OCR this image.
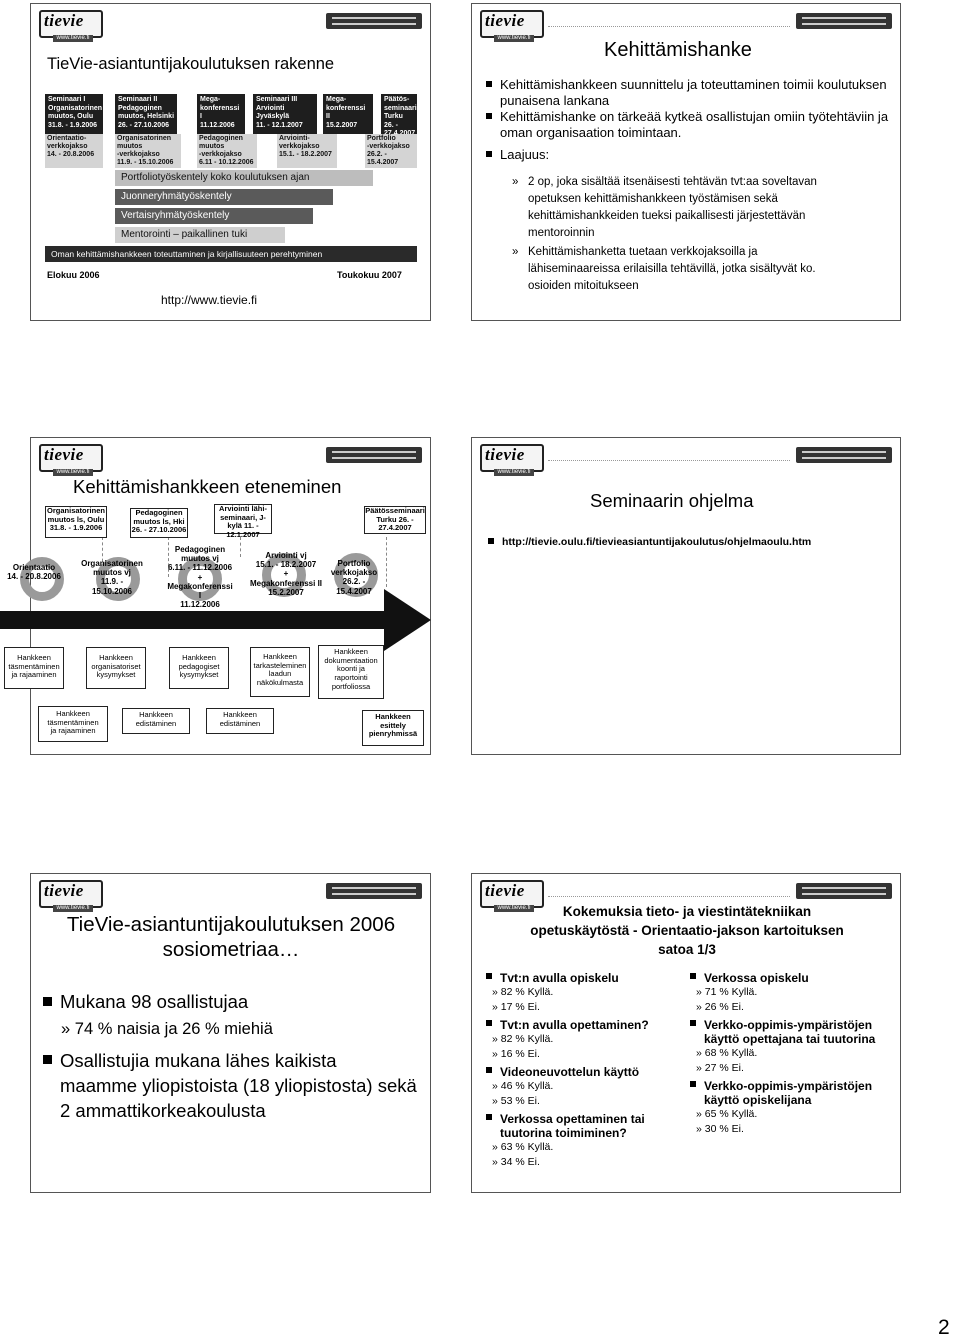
tievie
www.tievie.fi
TieVie-asiantuntijakoulutuksen rakenne
Seminaari I
Organisatorinen
muutos, Oulu
31.8. - 1.9.2006
Seminaari II
Pedagoginen
muutos, Helsinki
26. - 27.10.2006
Mega-
konferenssi I
11.12.2006
Seminaari III
Arviointi
Jyväskylä
11. - 12.1.2007
Mega-
konferenssi II
15.2.2007
Päätös-
seminaari
Turku
26. - 27.4.2007
Orientaatio-
verkkojakso
14. - 20.8.2006
Organisatorinen
muutos
-verkkojakso
11.9. - 15.10.2006
Pedagoginen
muutos
-verkkojakso
6.11 - 10.12.2006
Arviointi-
verkkojakso
15.1. - 18.2.2007
Portfolio
-verkkojakso
26.2. - 15.4.2007
Portfoliotyöskentely koko koulutuksen ajan
Juonneryhmätyöskentely
Vertaisryhmätyöskentely
Mentorointi – paikallinen tuki
Oman kehittämishankkeen toteuttaminen ja kirjallisuuteen perehtyminen
Elokuu 2006	Toukokuu 2007
http://www.tievie.fi
tievie
www.tievie.fi
Kehittämishanke
Kehittämishankkeen suunnittelu ja toteuttaminen toimii koulutuksen punaisena lankana
Kehittämishanke on tärkeää kytkeä osallistujan omiin työtehtäviin ja oman organisaation toimintaan.
Laajuus:
» 2 op, joka sisältää itsenäisesti tehtävän tvt:aa soveltavan opetuksen kehittämishankkeen työstämisen sekä kehittämishankkeiden tueksi paikallisesti järjestettävän mentoroinnin
» Kehittämishanketta tuetaan verkkojaksoilla ja lähiseminaareissa erilaisilla tehtävillä, jotka sisältyvät ko. osioiden mitoitukseen
tievie
www.tievie.fi
Kehittämishankkeen eteneminen
Organisatorinen muutos ls, Oulu 31.8. - 1.9.2006
Pedagoginen muutos ls, Hki 26. - 27.10.2006
Arviointi lähi- seminaari, J-kylä 11. - 12.1.2007
Päätösseminaari Turku 26. - 27.4.2007
Orientaatio
14. - 20.8.2006
Organisatorinen
muutos vj
11.9. - 15.10.2006
Pedagoginen
muutos vj
6.11. - 11.12.2006
+
Megakonferenssi I
11.12.2006
Arviointi vj
15.1. - 18.2.2007
+
Megakonferenssi II
15.2.2007
Portfolio
verkkojakso
26.2. - 15.4.2007
Hankkeen
täsmentäminen
ja rajaaminen
Hankkeen
organisatoriset
kysymykset
Hankkeen
pedagogiset
kysymykset
Hankkeen
tarkasteleminen
laadun
näkökulmasta
Hankkeen
dokumentaation
koonti ja
raportointi
portfoliossa
Hankkeen
täsmentäminen
ja rajaaminen
Hankkeen
edistäminen
Hankkeen
edistäminen
Hankkeen
esittely
pienryhmissä
tievie
www.tievie.fi
Seminaarin ohjelma
http://tievie.oulu.fi/tievieasiantuntijakoulutus/ohjelmaoulu.htm
tievie
www.tievie.fi
TieVie-asiantuntijakoulutuksen 2006 sosiometriaa…
Mukana 98 osallistujaa
» 74 % naisia ja 26 % miehiä
Osallistujia mukana lähes kaikista maamme yliopistoista (18 yliopistosta) sekä 2 ammattikorkeakoulusta
tievie
www.tievie.fi	Kokemuksia tieto- ja viestintätekniikan opetuskäytöstä - Orientaatio-jakson kartoituksen satoa 1/3
Tvt:n avulla opiskelu
» 82 % Kyllä.
» 17 % Ei.
Tvt:n avulla opettaminen?
» 82 % Kyllä.
» 16 % Ei.
Videoneuvottelun käyttö
» 46 % Kyllä.
» 53 % Ei.
Verkossa opettaminen tai tuutorina toimiminen?
» 63 % Kyllä.
» 34 % Ei.
Verkossa opiskelu
» 71 % Kyllä.
» 26 % Ei.
Verkko-oppimis-ympäristöjen käyttö opettajana tai tuutorina
» 68 % Kyllä.
» 27 % Ei.
Verkko-oppimis-ympäristöjen käyttö opiskelijana
» 65 % Kyllä.
» 30 % Ei.
2
